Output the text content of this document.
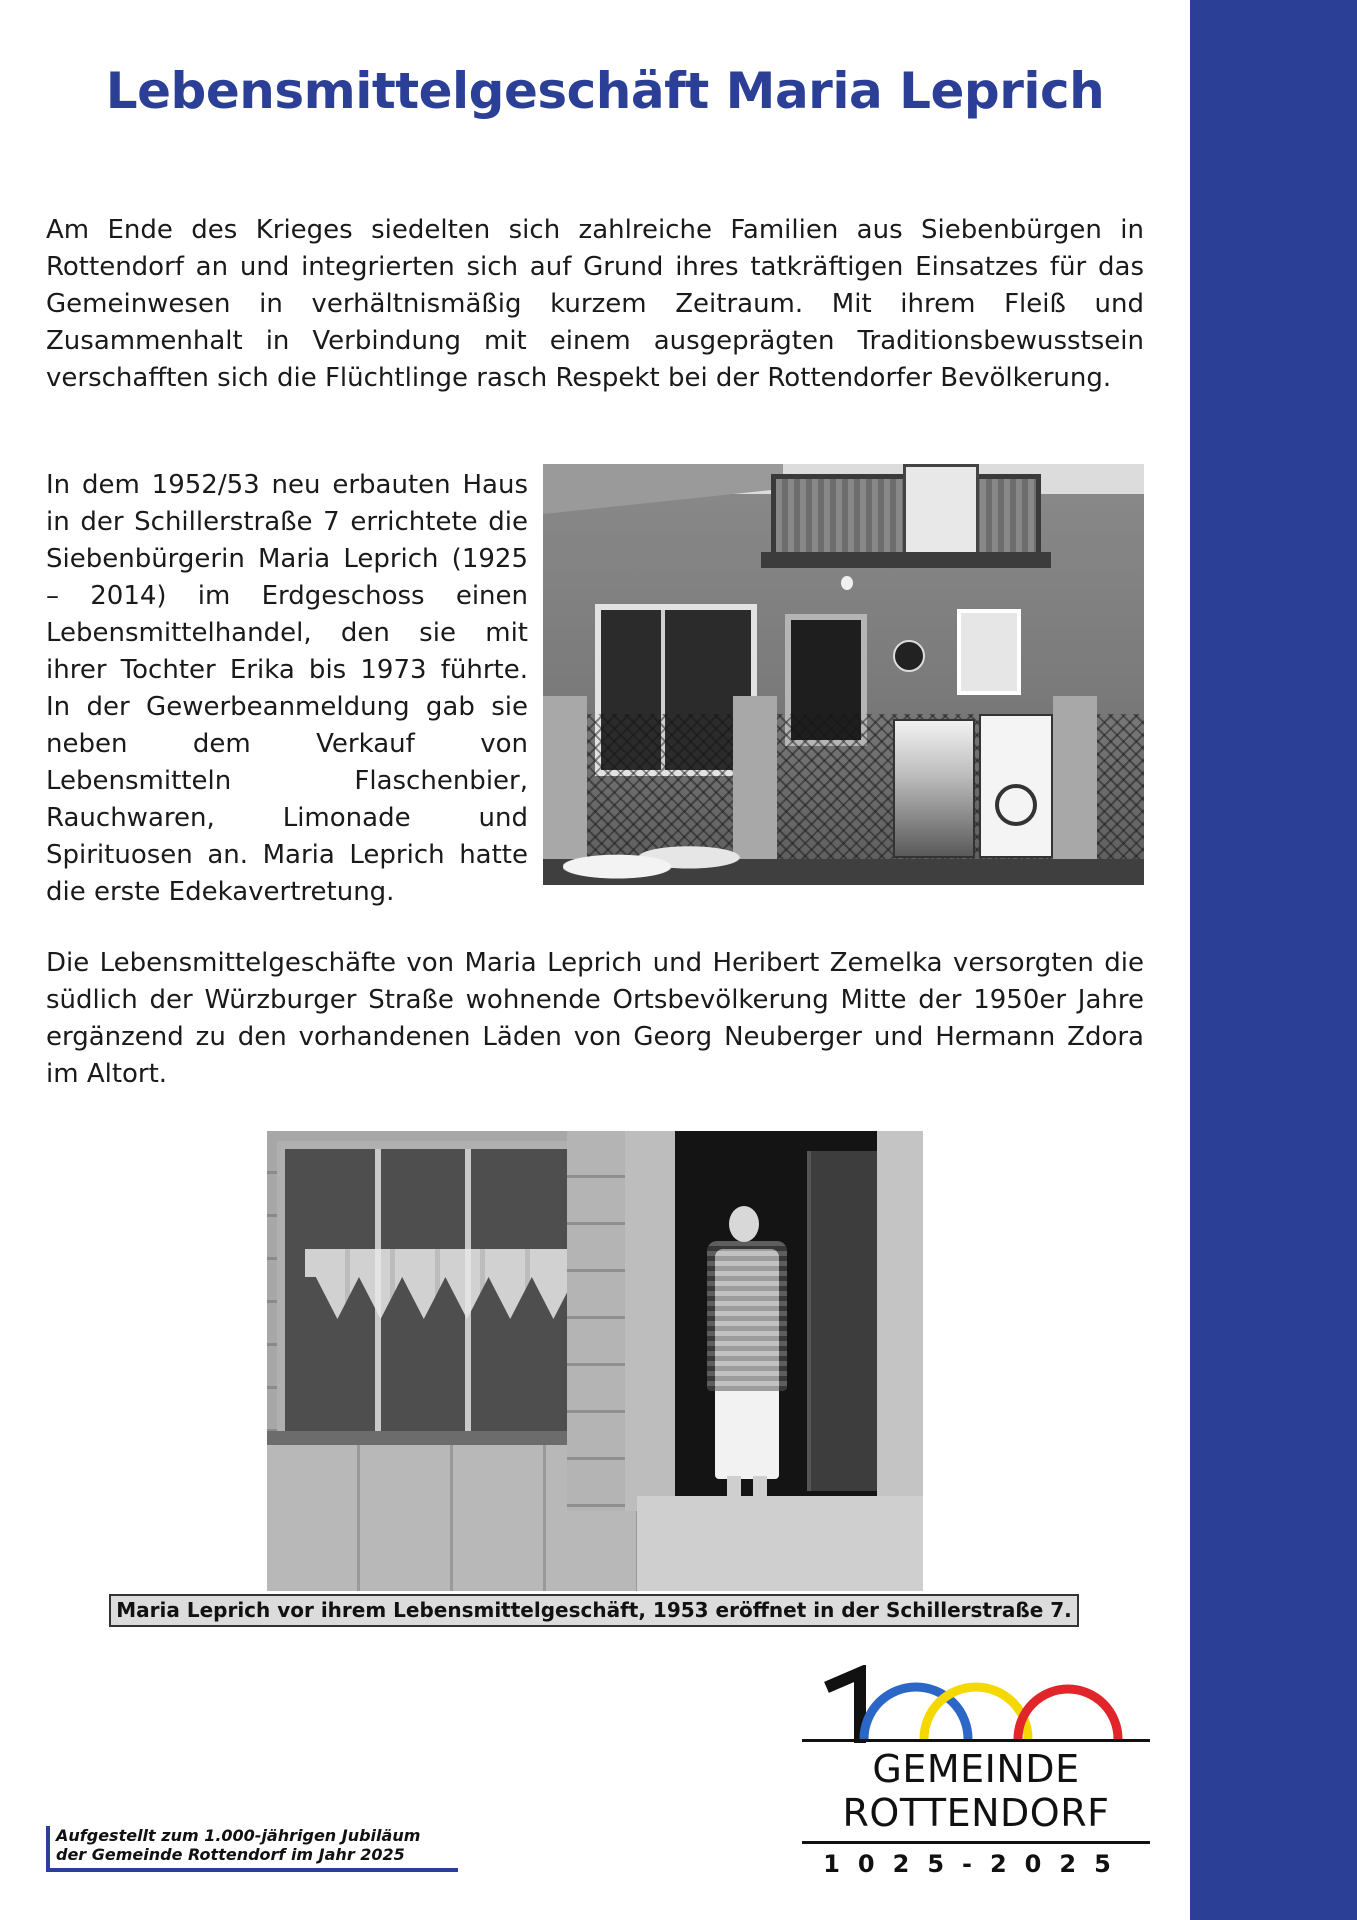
Lebensmittelgeschäft Maria Leprich

Am Ende des Krieges siedelten sich zahlreiche Familien aus Siebenbürgen in Rottendorf an und integrierten sich auf Grund ihres tatkräftigen Einsatzes für das Gemeinwesen in verhältnismäßig kurzem Zeitraum. Mit ihrem Fleiß und Zusammenhalt in Verbindung mit einem ausgeprägten Traditionsbewusstsein verschafften sich die Flüchtlinge rasch Respekt bei der Rottendorfer Bevölkerung.

In dem 1952/53 neu erbauten Haus in der Schillerstraße 7 errichtete die Siebenbürgerin Maria Leprich (1925 – 2014) im Erdgeschoss einen Lebensmittelhandel, den sie mit ihrer Tochter Erika bis 1973 führte. In der Gewerbeanmeldung gab sie neben dem Verkauf von Lebensmitteln Flaschenbier, Rauchwaren, Limonade und Spirituosen an. Maria Leprich hatte die erste Edekavertretung.

Die Lebensmittelgeschäfte von Maria Leprich und Heribert Zemelka versorgten die südlich der Würzburger Straße wohnende Ortsbevölkerung Mitte der 1950er Jahre ergänzend zu den vorhandenen Läden von Georg Neuberger und Hermann Zdora im Altort.

Maria Leprich vor ihrem Lebensmittelgeschäft, 1953 eröffnet in der Schillerstraße 7.
GEMEINDE
ROTTENDORF
1025-2025
Aufgestellt zum 1.000-jährigen Jubiläum
der Gemeinde Rottendorf im Jahr 2025
